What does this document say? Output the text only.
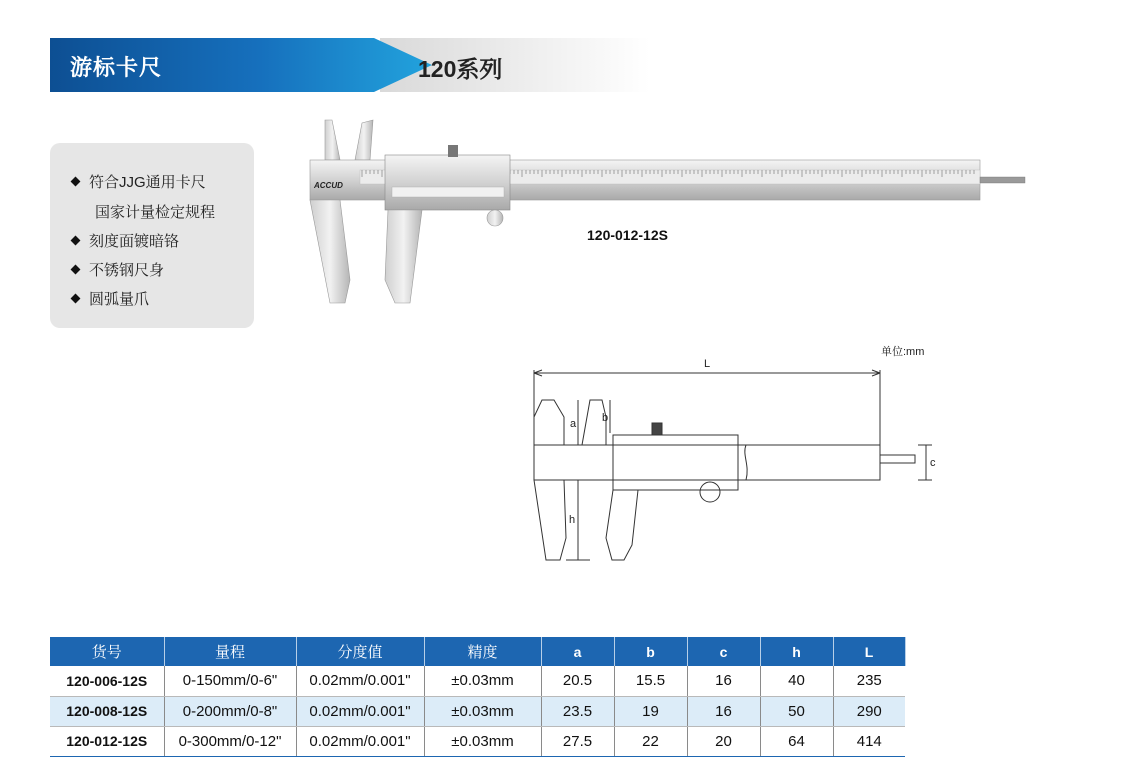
游标卡尺	120系列
符合JJG通用卡尺
国家计量检定规程
刻度面镀暗铬
不锈钢尺身
圆弧量爪
ACCUD
120-012-12S
单位:mm
L
a b
c
h
货号	量程	分度值	精度	a	b	c	h	L
120-006-12S	0-150mm/0-6"	0.02mm/0.001"	±0.03mm	20.5	15.5	16	40	235
120-008-12S	0-200mm/0-8"	0.02mm/0.001"	±0.03mm	23.5	19	16	50	290
120-012-12S	0-300mm/0-12"	0.02mm/0.001"	±0.03mm	27.5	22	20	64	414
